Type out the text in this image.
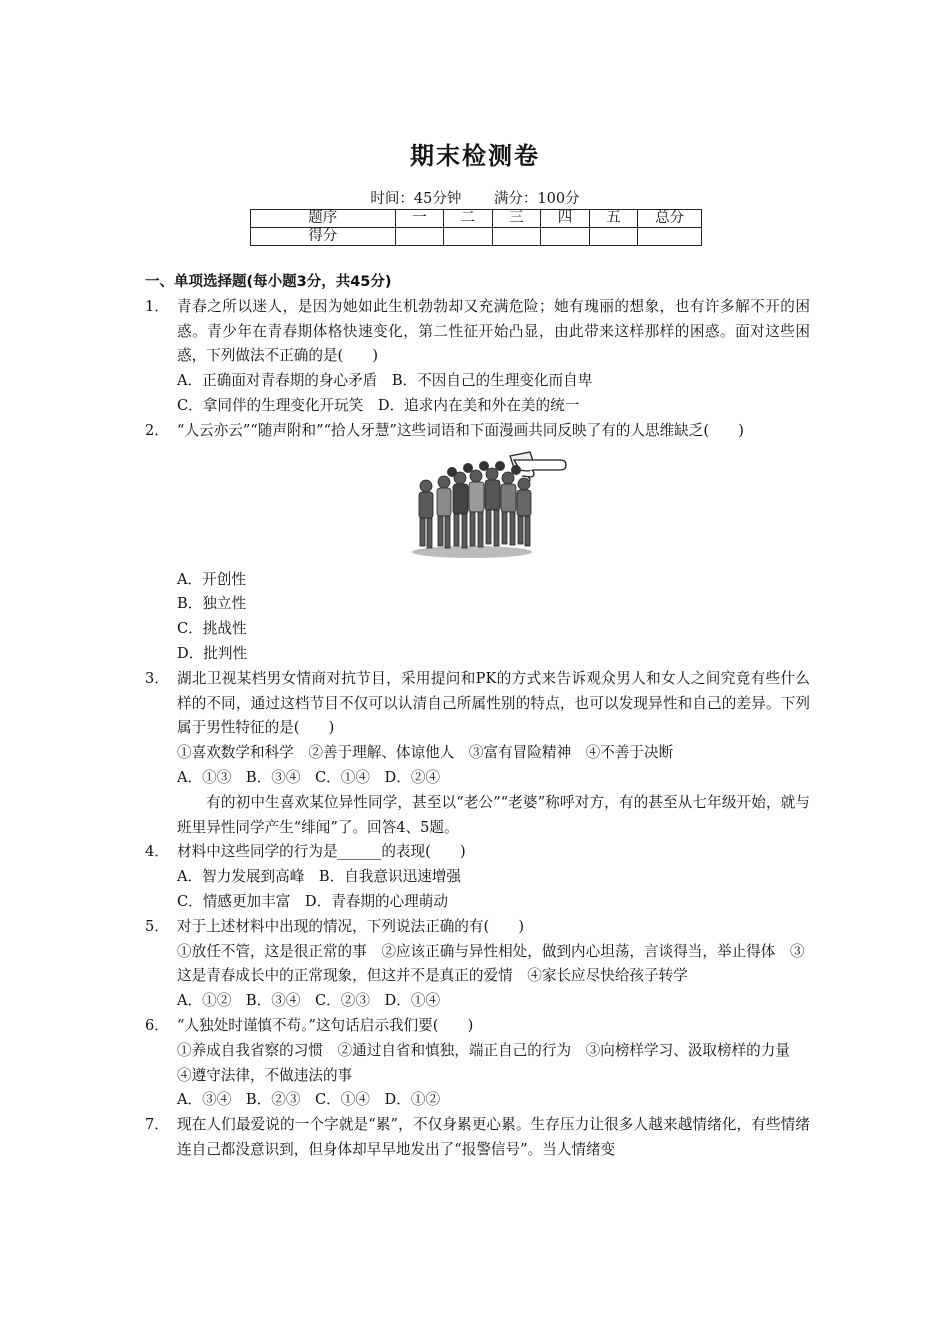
期末检测卷
时间：45分钟 满分：100分
题序	一	二	三	四	五	总分
得分						
一、单项选择题(每小题3分，共45分)
1． 青春之所以迷人，是因为她如此生机勃勃却又充满危险；她有瑰丽的想象，也有许多解不开的困惑。青少年在青春期体格快速变化，第二性征开始凸显，由此带来这样那样的困惑。面对这些困惑，下列做法不正确的是(　　)
A．正确面对青春期的身心矛盾　B．不因自己的生理变化而自卑
C．拿同伴的生理变化开玩笑　D．追求内在美和外在美的统一
2． “人云亦云”“随声附和”“拾人牙慧”这些词语和下面漫画共同反映了有的人思维缺乏(　　)
A．开创性
B．独立性
C．挑战性
D．批判性
3． 湖北卫视某档男女情商对抗节目，采用提问和PK的方式来告诉观众男人和女人之间究竟有些什么样的不同，通过这档节目不仅可以认清自己所属性别的特点，也可以发现异性和自己的差异。下列属于男性特征的是(　　)
①喜欢数学和科学　②善于理解、体谅他人　③富有冒险精神　④不善于决断
A．①③　B．③④　C．①④　D．②④
有的初中生喜欢某位异性同学，甚至以“老公”“老婆”称呼对方，有的甚至从七年级开始，就与班里异性同学产生“绯闻”了。回答4、5题。
4． 材料中这些同学的行为是______的表现(　　)
A．智力发展到高峰　B．自我意识迅速增强
C．情感更加丰富　D．青春期的心理萌动
5． 对于上述材料中出现的情况，下列说法正确的有(　　)
①放任不管，这是很正常的事　②应该正确与异性相处，做到内心坦荡，言谈得当，举止得体　③这是青春成长中的正常现象，但这并不是真正的爱情　④家长应尽快给孩子转学
A．①②　B．③④　C．②③　D．①④
6． “人独处时谨慎不苟。”这句话启示我们要(　　)
①养成自我省察的习惯　②通过自省和慎独，端正自己的行为　③向榜样学习、汲取榜样的力量　④遵守法律，不做违法的事
A．③④　B．②③　C．①④　D．①②
7． 现在人们最爱说的一个字就是“累”，不仅身累更心累。生存压力让很多人越来越情绪化，有些情绪连自己都没意识到，但身体却早早地发出了“报警信号”。当人情绪变
